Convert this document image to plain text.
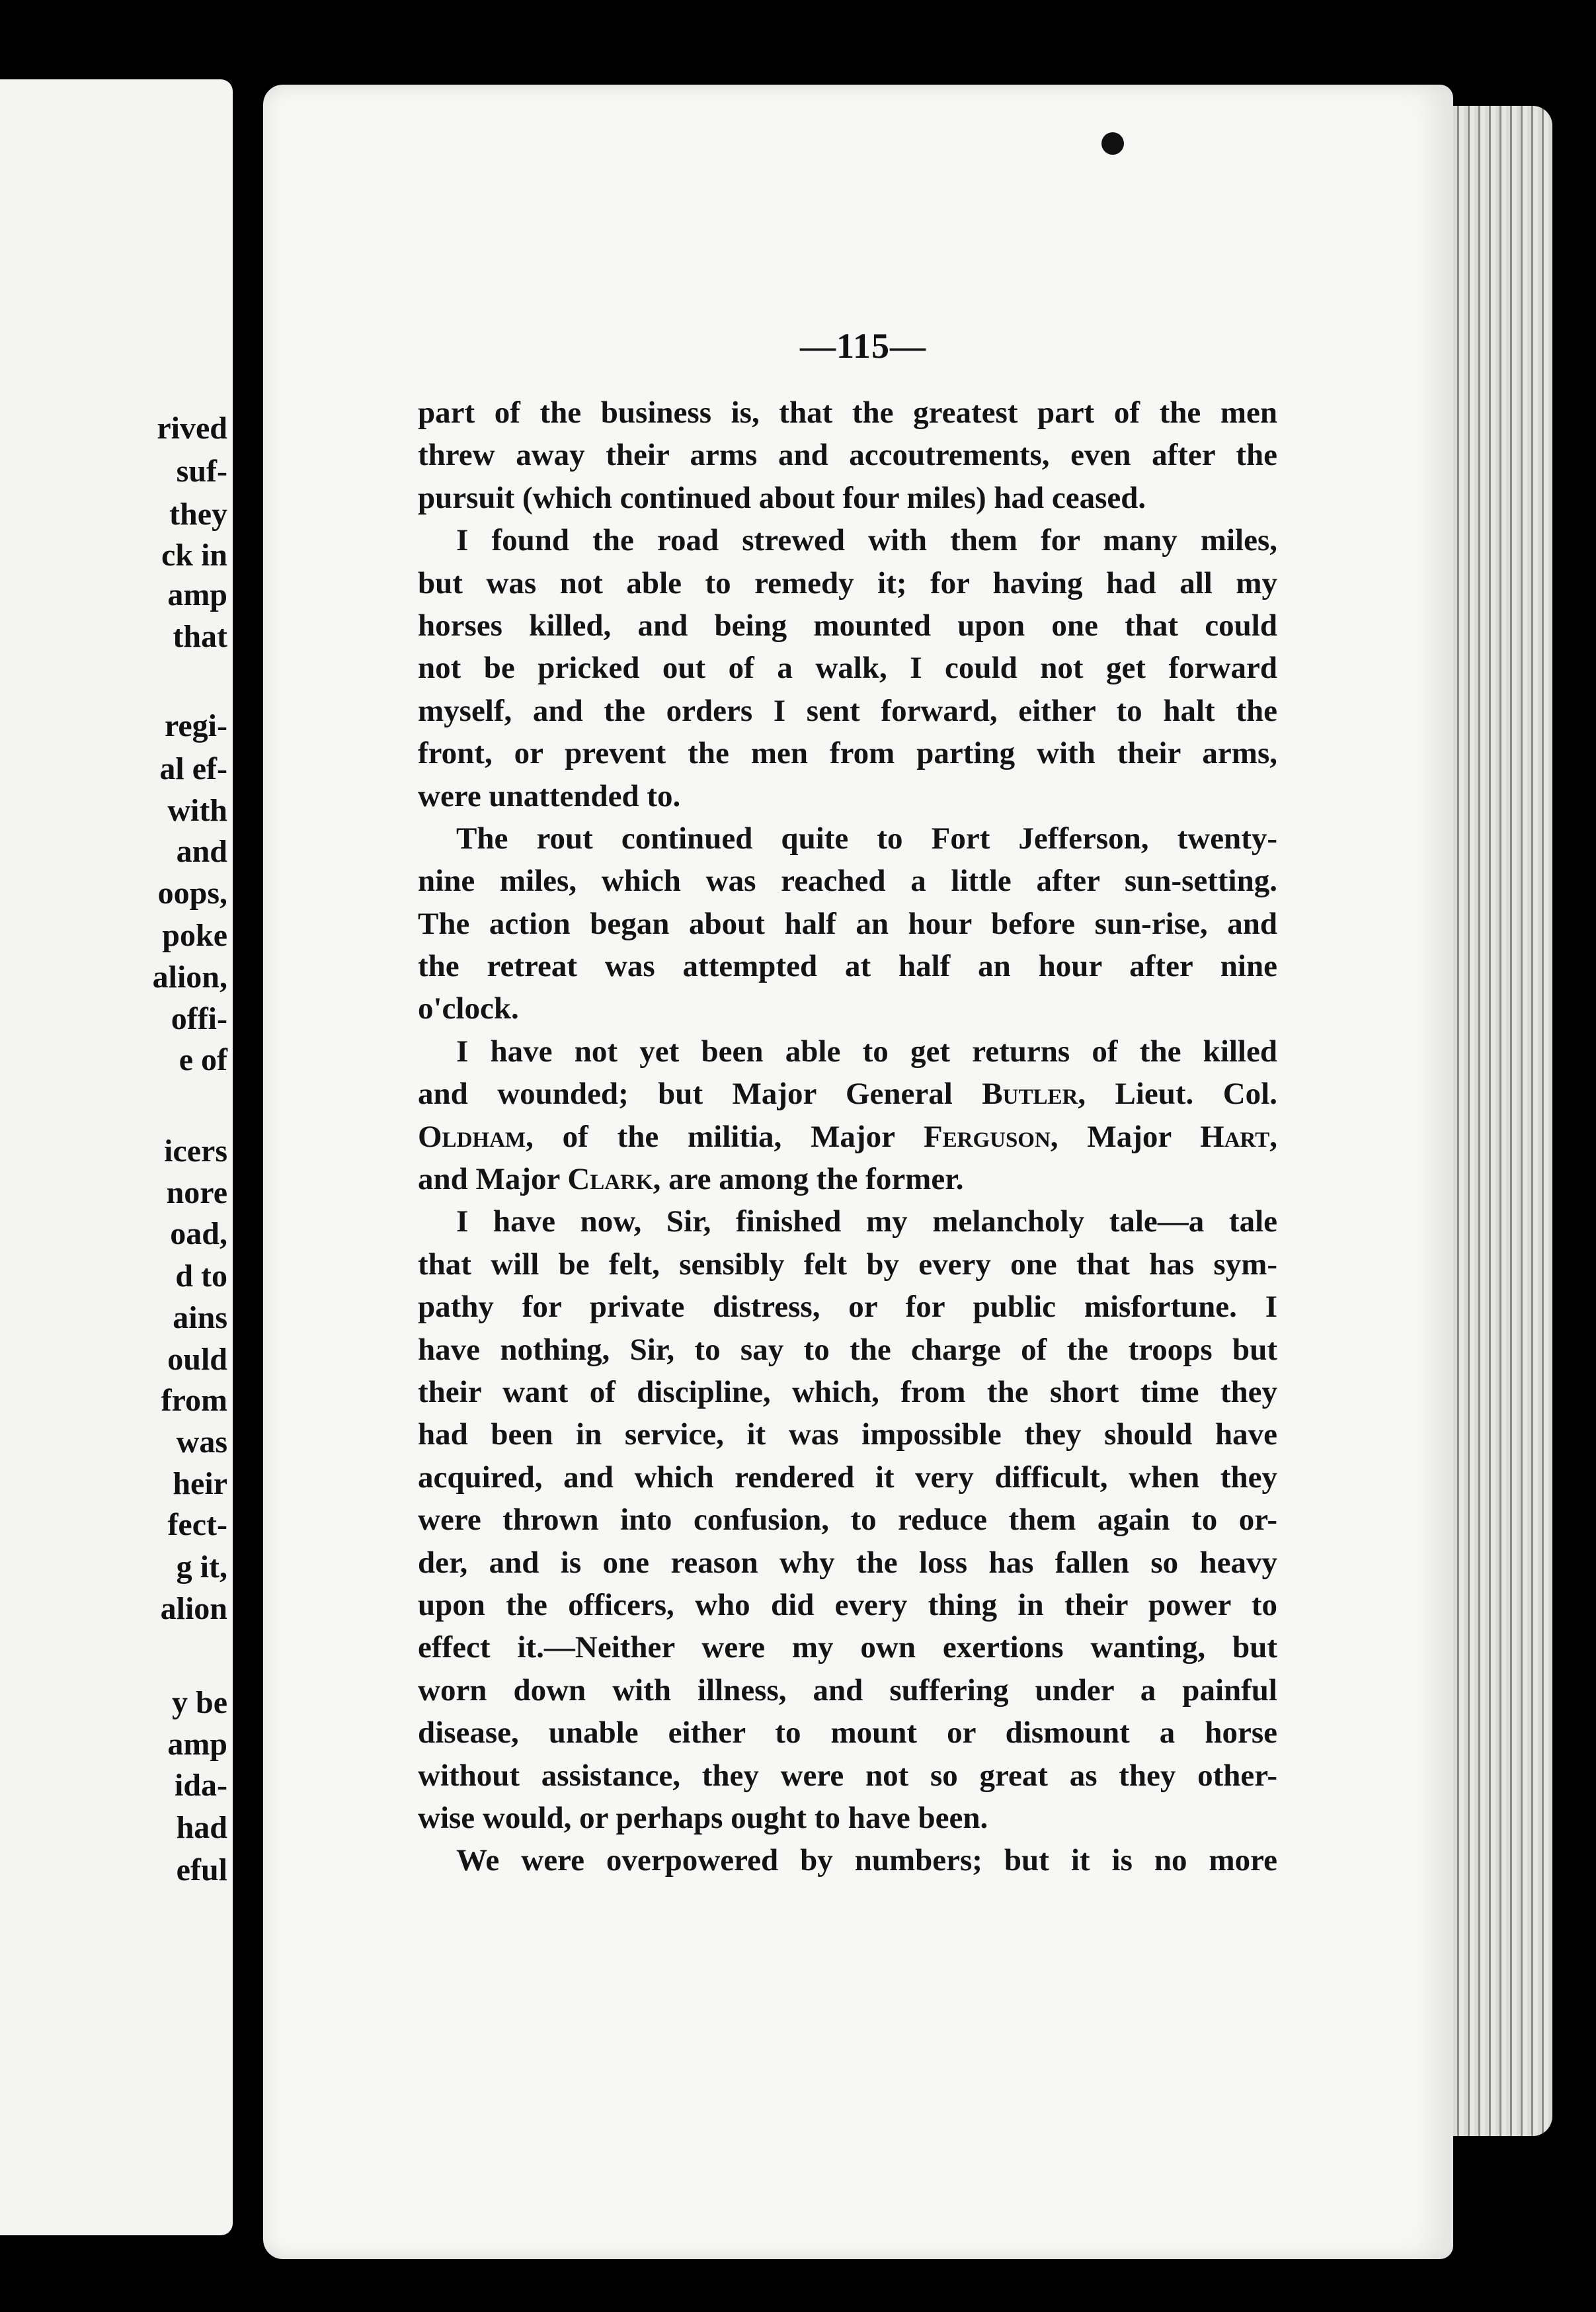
rived
suf-
they
ck in
amp
that
regi-
al ef-
with
and
oops,
poke
alion,
offi-
e of
icers
nore
oad,
d to
ains
ould
from
was
heir
fect-
g it,
alion
y be
amp
ida-
had
eful
—115—
part of the business is, that the greatest part of the men
threw away their arms and accoutrements, even after the
pursuit (which continued about four miles) had ceased.
I found the road strewed with them for many miles,
but was not able to remedy it; for having had all my
horses killed, and being mounted upon one that could
not be pricked out of a walk, I could not get forward
myself, and the orders I sent forward, either to halt the
front, or prevent the men from parting with their arms,
were unattended to.
The rout continued quite to Fort Jefferson, twenty-
nine miles, which was reached a little after sun-setting.
The action began about half an hour before sun-rise, and
the retreat was attempted at half an hour after nine
o'clock.
I have not yet been able to get returns of the killed
and wounded; but Major General Butler, Lieut. Col.
Oldham, of the militia, Major Ferguson, Major Hart,
and Major Clark, are among the former.
I have now, Sir, finished my melancholy tale—a tale
that will be felt, sensibly felt by every one that has sym-
pathy for private distress, or for public misfortune. I
have nothing, Sir, to say to the charge of the troops but
their want of discipline, which, from the short time they
had been in service, it was impossible they should have
acquired, and which rendered it very difficult, when they
were thrown into confusion, to reduce them again to or-
der, and is one reason why the loss has fallen so heavy
upon the officers, who did every thing in their power to
effect it.—Neither were my own exertions wanting, but
worn down with illness, and suffering under a painful
disease, unable either to mount or dismount a horse
without assistance, they were not so great as they other-
wise would, or perhaps ought to have been.
We were overpowered by numbers; but it is no more
